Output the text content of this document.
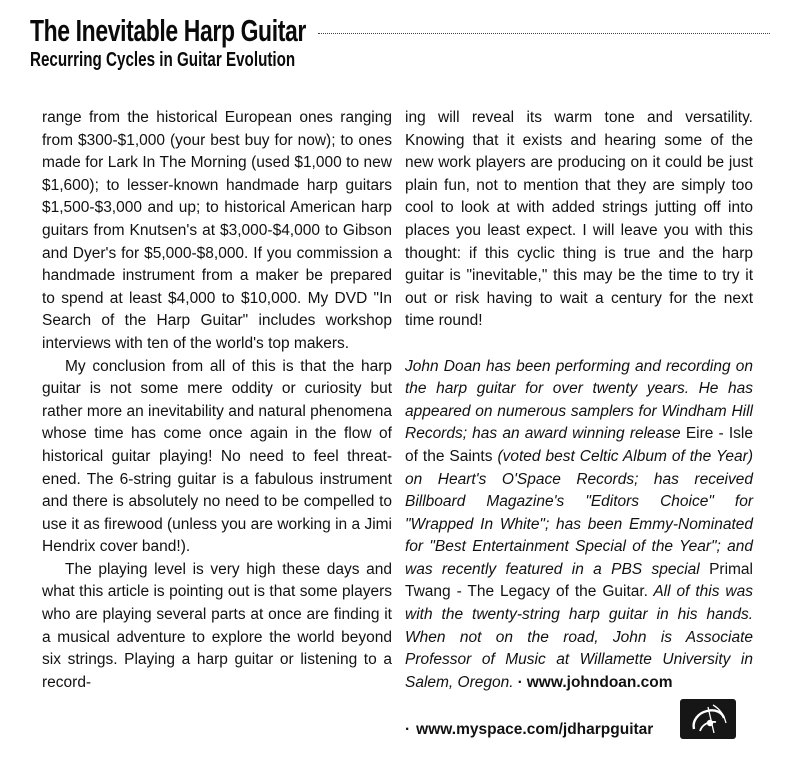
The Inevitable Harp Guitar
Recurring Cycles in Guitar Evolution

range from the historical European ones ranging from $300-$1,000 (your best buy for now); to ones made for Lark In The Morning (used $1,000 to new $1,600); to lesser-known handmade harp guitars $1,500-$3,000 and up; to historical American harp guitars from Knutsen's at $3,000-$4,000 to Gibson and Dyer's for $5,000-$8,000. If you commission a handmade instrument from a maker be prepared to spend at least $4,000 to $10,000. My DVD "In Search of the Harp Guitar" includes workshop interviews with ten of the world's top makers.

My conclusion from all of this is that the harp guitar is not some mere oddity or curiosity but rather more an inevitability and natural phenomena whose time has come once again in the flow of historical guitar playing! No need to feel threatened. The 6-string guitar is a fabulous instrument and there is absolutely no need to be compelled to use it as firewood (unless you are working in a Jimi Hendrix cover band!).

The playing level is very high these days and what this article is pointing out is that some players who are playing several parts at once are finding it a musical adventure to explore the world beyond six strings. Playing a harp guitar or listening to a record-

ing will reveal its warm tone and versatility. Knowing that it exists and hearing some of the new work players are producing on it could be just plain fun, not to mention that they are simply too cool to look at with added strings jutting off into places you least expect. I will leave you with this thought: if this cyclic thing is true and the harp guitar is "inevitable," this may be the time to try it out or risk having to wait a century for the next time round!

John Doan has been performing and recording on the harp guitar for over twenty years. He has appeared on numerous samplers for Windham Hill Records; has an award winning release Eire - Isle of the Saints (voted best Celtic Album of the Year) on Heart's O'Space Records; has received Billboard Magazine's "Editors Choice" for "Wrapped In White"; has been Emmy-Nominated for "Best Entertainment Special of the Year"; and was recently featured in a PBS special Primal Twang - The Legacy of the Guitar. All of this was with the twenty-string harp guitar in his hands. When not on the road, John is Associate Professor of Music at Willamette University in Salem, Oregon. · www.johndoan.com

· www.myspace.com/jdharpguitar
